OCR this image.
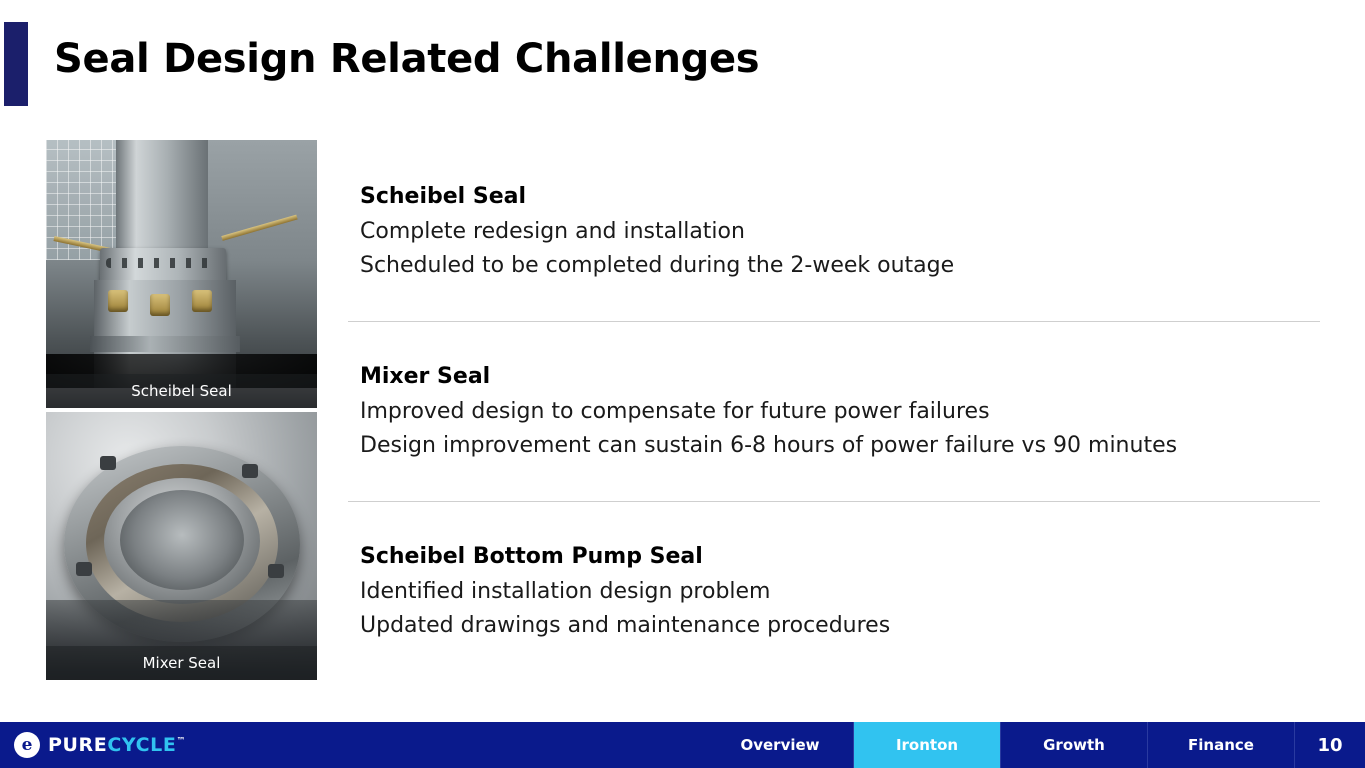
Seal Design Related Challenges
Scheibel Seal
Mixer Seal
Scheibel Seal
Complete redesign and installation
Scheduled to be completed during the 2-week outage
Mixer Seal
Improved design to compensate for future power failures
Design improvement can sustain 6-8 hours of power failure vs 90 minutes
Scheibel Bottom Pump Seal
Identified installation design problem
Updated drawings and maintenance procedures
e PURECYCLE™	Overview	Ironton	Growth	Finance	10
